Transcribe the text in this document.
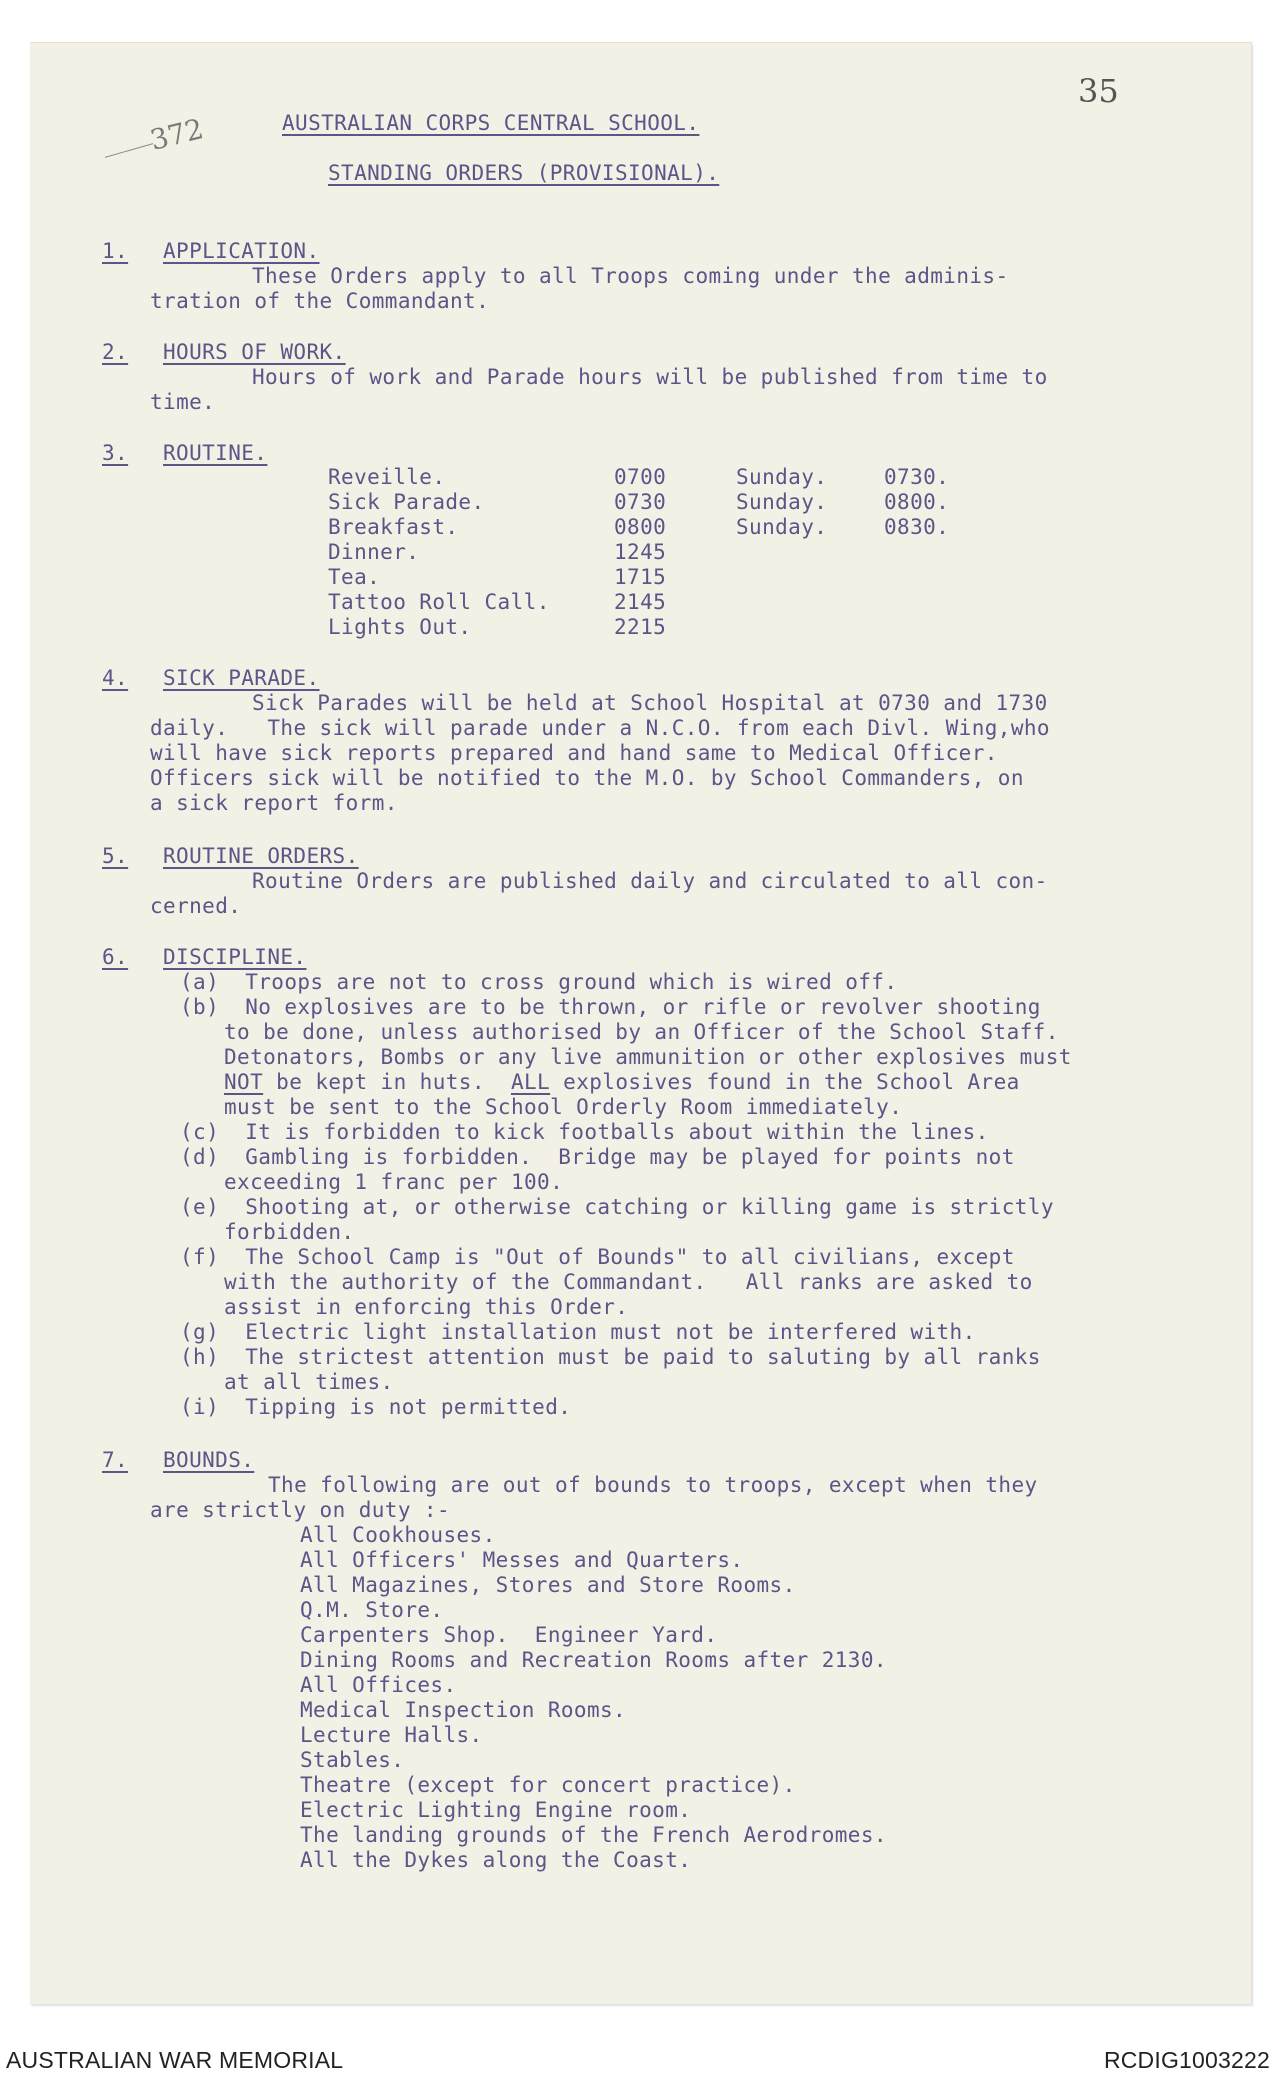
AUSTRALIAN CORPS CENTRAL SCHOOL.
35
372
STANDING ORDERS (PROVISIONAL).
1. APPLICATION.
These Orders apply to all Troops coming under the adminis-
tration of the Commandant.
2. HOURS OF WORK.
Hours of work and Parade hours will be published from time to
time.
3. ROUTINE.
Reveille.	0700	Sunday.	0730.
Sick Parade.	0730	Sunday.	0800.
Breakfast.	0800	Sunday.	0830.
Dinner.	1245
Tea.	1715
Tattoo Roll Call.	2145
Lights Out.	2215
4. SICK PARADE.
Sick Parades will be held at School Hospital at 0730 and 1730
daily.   The sick will parade under a N.C.O. from each Divl. Wing,who
will have sick reports prepared and hand same to Medical Officer.
Officers sick will be notified to the M.O. by School Commanders, on
a sick report form.
5. ROUTINE ORDERS.
Routine Orders are published daily and circulated to all con-
cerned.
6. DISCIPLINE.
(a)  Troops are not to cross ground which is wired off.
(b)  No explosives are to be thrown, or rifle or revolver shooting
to be done, unless authorised by an Officer of the School Staff.
Detonators, Bombs or any live ammunition or other explosives must
NOT be kept in huts.  ALL explosives found in the School Area
must be sent to the School Orderly Room immediately.
(c)  It is forbidden to kick footballs about within the lines.
(d)  Gambling is forbidden.  Bridge may be played for points not
exceeding 1 franc per 100.
(e)  Shooting at, or otherwise catching or killing game is strictly
forbidden.
(f)  The School Camp is "Out of Bounds" to all civilians, except
with the authority of the Commandant.   All ranks are asked to
assist in enforcing this Order.
(g)  Electric light installation must not be interfered with.
(h)  The strictest attention must be paid to saluting by all ranks
at all times.
(i)  Tipping is not permitted.
7. BOUNDS.
The following are out of bounds to troops, except when they
are strictly on duty :-
All Cookhouses.
All Officers' Messes and Quarters.
All Magazines, Stores and Store Rooms.
Q.M. Store.
Carpenters Shop.  Engineer Yard.
Dining Rooms and Recreation Rooms after 2130.
All Offices.
Medical Inspection Rooms.
Lecture Halls.
Stables.
Theatre (except for concert practice).
Electric Lighting Engine room.
The landing grounds of the French Aerodromes.
All the Dykes along the Coast.
AUSTRALIAN WAR MEMORIAL	RCDIG1003222
